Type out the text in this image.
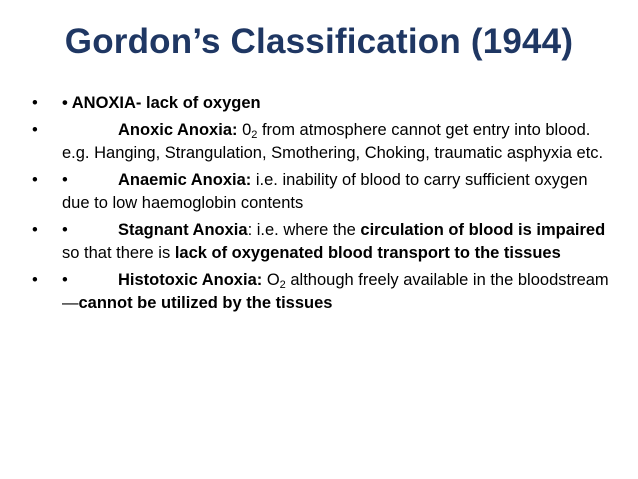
Gordon’s Classification (1944)
•	• ANOXIA- lack of oxygen
•	Anoxic Anoxia: $0_2$ from atmosphere cannot get entry into blood. e.g. Hanging, Strangulation, Smothering, Choking, traumatic asphyxia etc.
•	•	Anaemic Anoxia: i.e. inability of blood to carry sufficient oxygen due to low haemoglobin contents
•	•	Stagnant Anoxia: i.e. where the circulation of blood is impaired so that there is lack of oxygenated blood transport to the tissues
•	•	Histotoxic Anoxia: $O_2$ although freely available in the bloodstream—cannot be utilized by the tissues
